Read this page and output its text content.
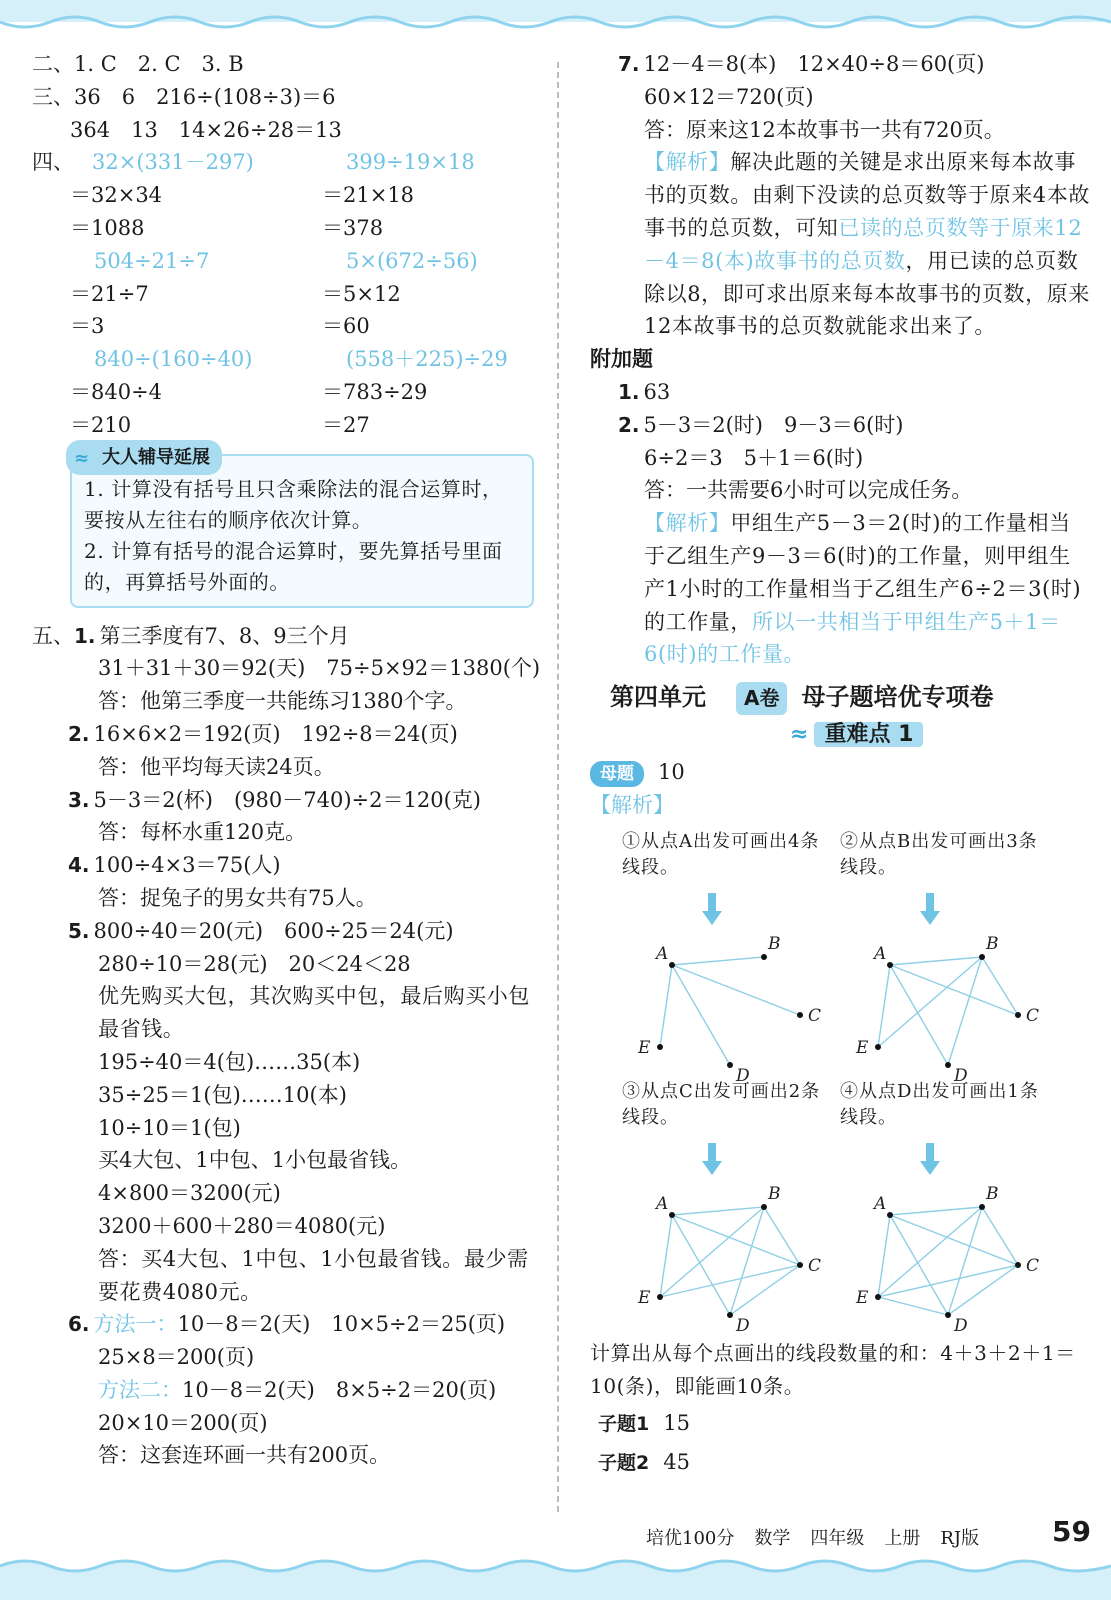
二、1. C　2. C　3. B
三、36　6　216÷(108÷3)＝6
364　13　14×26÷28＝13
四、 32×(331－297)
＝32×34
＝1088
504÷21÷7
＝21÷7
＝3
840÷(160÷40)
＝840÷4
＝210
399÷19×18
＝21×18
＝378
5×(672÷56)
＝5×12
＝60
(558＋225)÷29
＝783÷29
＝27
≈ 大人辅导延展
1. 计算没有括号且只含乘除法的混合运算时，要按从左往右的顺序依次计算。
2. 计算有括号的混合运算时，要先算括号里面的，再算括号外面的。
五、1. 第三季度有7、8、9三个月
31＋31＋30＝92(天)　75÷5×92＝1380(个)
答：他第三季度一共能练习1380个字。
2. 16×6×2＝192(页)　192÷8＝24(页)
答：他平均每天读24页。
3. 5－3＝2(杯)　(980－740)÷2＝120(克)
答：每杯水重120克。
4. 100÷4×3＝75(人)
答：捉兔子的男女共有75人。
5. 800÷40＝20(元)　600÷25＝24(元)
280÷10＝28(元)　20＜24＜28
优先购买大包，其次购买中包，最后购买小包最省钱。
195÷40＝4(包)……35(本)
35÷25＝1(包)……10(本)
10÷10＝1(包)
买4大包、1中包、1小包最省钱。
4×800＝3200(元)
3200＋600＋280＝4080(元)
答：买4大包、1中包、1小包最省钱。最少需要花费4080元。
6. 方法一：10－8＝2(天)　10×5÷2＝25(页)
25×8＝200(页)
方法二：10－8＝2(天)　8×5÷2＝20(页)
20×10＝200(页)
答：这套连环画一共有200页。
7. 12－4＝8(本)　12×40÷8＝60(页)
60×12＝720(页)
答：原来这12本故事书一共有720页。
【解析】解决此题的关键是求出原来每本故事书的页数。由剩下没读的总页数等于原来4本故事书的总页数，可知已读的总页数等于原来12－4＝8(本)故事书的总页数，用已读的总页数除以8，即可求出原来每本故事书的页数，原来12本故事书的总页数就能求出来了。
附加题
1. 63
2. 5－3＝2(时)　9－3＝6(时)
6÷2＝3　5＋1＝6(时)
答：一共需要6小时可以完成任务。
【解析】甲组生产5－3＝2(时)的工作量相当于乙组生产9－3＝6(时)的工作量，则甲组生产1小时的工作量相当于乙组生产6÷2＝3(时)的工作量，所以一共相当于甲组生产5＋1＝6(时)的工作量。
第四单元 A卷 母子题培优专项卷
≈ 重难点 1
母题 10
【解析】
①从点A出发可画出4条线段。
②从点B出发可画出3条线段。
A	B
C
D
E
A	B
C
D
E
③从点C出发可画出2条线段。
④从点D出发可画出1条线段。
A	B
C
D
E
A	B
C
D
E
计算出从每个点画出的线段数量的和：4＋3＋2＋1＝10(条)，即能画10条。
子题1 15
子题2 45
培优100分 数学 四年级 上册 RJ版	59
